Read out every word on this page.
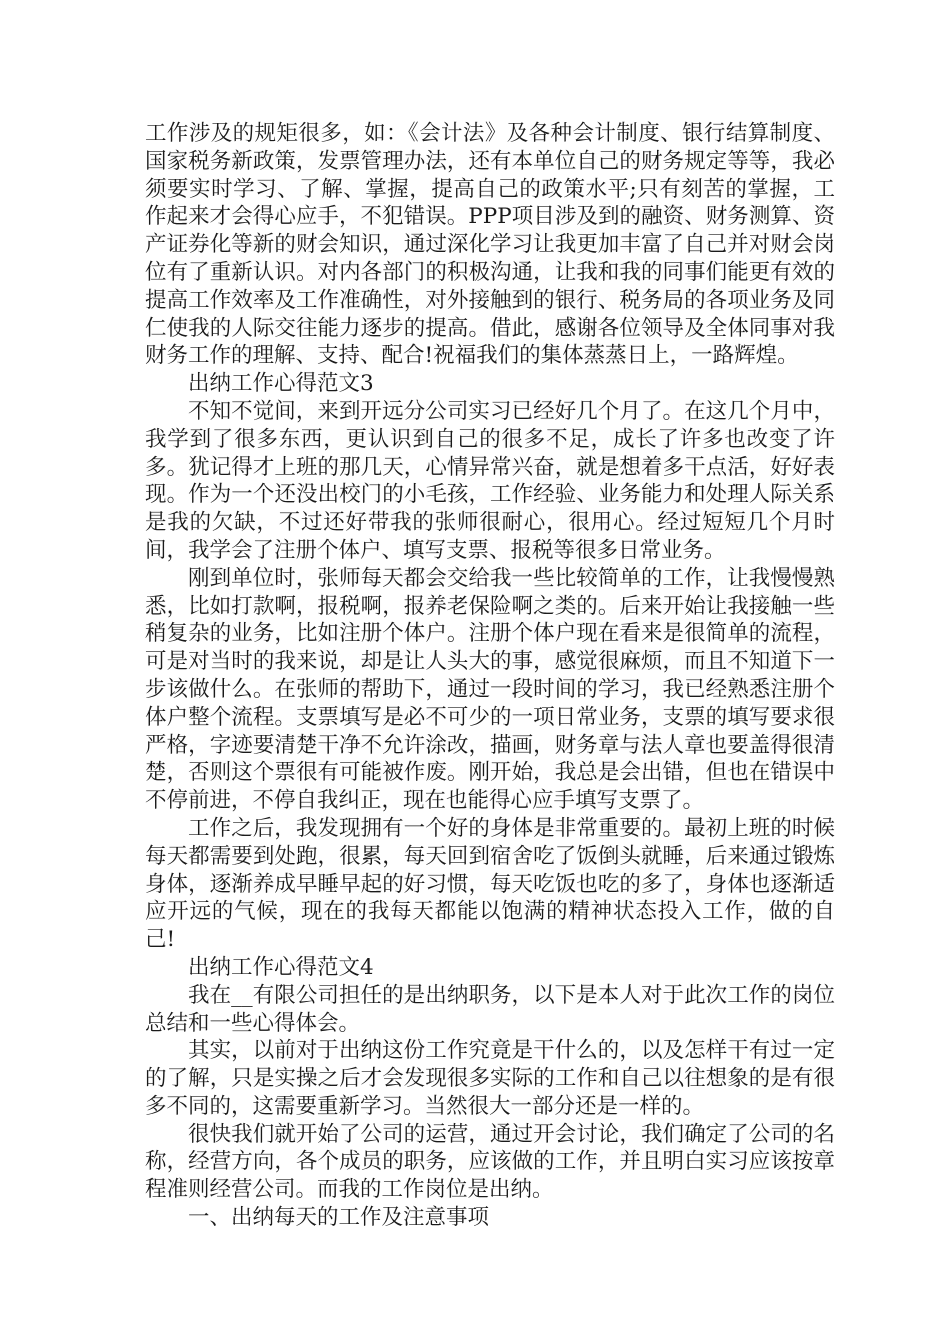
工作涉及的规矩很多，如：《会计法》及各种会计制度、银行结算制度、国家税务新政策，发票管理办法，还有本单位自己的财务规定等等，我必须要实时学习、了解、掌握，提高自己的政策水平;只有刻苦的掌握，工作起来才会得心应手，不犯错误。PPP项目涉及到的融资、财务测算、资产证券化等新的财会知识，通过深化学习让我更加丰富了自己并对财会岗位有了重新认识。对内各部门的积极沟通，让我和我的同事们能更有效的提高工作效率及工作准确性，对外接触到的银行、税务局的各项业务及同仁使我的人际交往能力逐步的提高。借此，感谢各位领导及全体同事对我财务工作的理解、支持、配合!祝福我们的集体蒸蒸日上，一路辉煌。

出纳工作心得范文3

不知不觉间，来到开远分公司实习已经好几个月了。在这几个月中，我学到了很多东西，更认识到自己的很多不足，成长了许多也改变了许多。犹记得才上班的那几天，心情异常兴奋，就是想着多干点活，好好表现。作为一个还没出校门的小毛孩，工作经验、业务能力和处理人际关系是我的欠缺，不过还好带我的张师很耐心，很用心。经过短短几个月时间，我学会了注册个体户、填写支票、报税等很多日常业务。

刚到单位时，张师每天都会交给我一些比较简单的工作，让我慢慢熟悉，比如打款啊，报税啊，报养老保险啊之类的。后来开始让我接触一些稍复杂的业务，比如注册个体户。注册个体户现在看来是很简单的流程，可是对当时的我来说，却是让人头大的事，感觉很麻烦，而且不知道下一步该做什么。在张师的帮助下，通过一段时间的学习，我已经熟悉注册个体户整个流程。支票填写是必不可少的一项日常业务，支票的填写要求很严格，字迹要清楚干净不允许涂改，描画，财务章与法人章也要盖得很清楚，否则这个票很有可能被作废。刚开始，我总是会出错，但也在错误中不停前进，不停自我纠正，现在也能得心应手填写支票了。

工作之后，我发现拥有一个好的身体是非常重要的。最初上班的时候每天都需要到处跑，很累，每天回到宿舍吃了饭倒头就睡，后来通过锻炼身体，逐渐养成早睡早起的好习惯，每天吃饭也吃的多了，身体也逐渐适应开远的气候，现在的我每天都能以饱满的精神状态投入工作，做的自己!

出纳工作心得范文4

我在__有限公司担任的是出纳职务，以下是本人对于此次工作的岗位总结和一些心得体会。

其实，以前对于出纳这份工作究竟是干什么的，以及怎样干有过一定的了解，只是实操之后才会发现很多实际的工作和自己以往想象的是有很多不同的，这需要重新学习。当然很大一部分还是一样的。

很快我们就开始了公司的运营，通过开会讨论，我们确定了公司的名称，经营方向，各个成员的职务，应该做的工作，并且明白实习应该按章程准则经营公司。而我的工作岗位是出纳。

一、出纳每天的工作及注意事项
